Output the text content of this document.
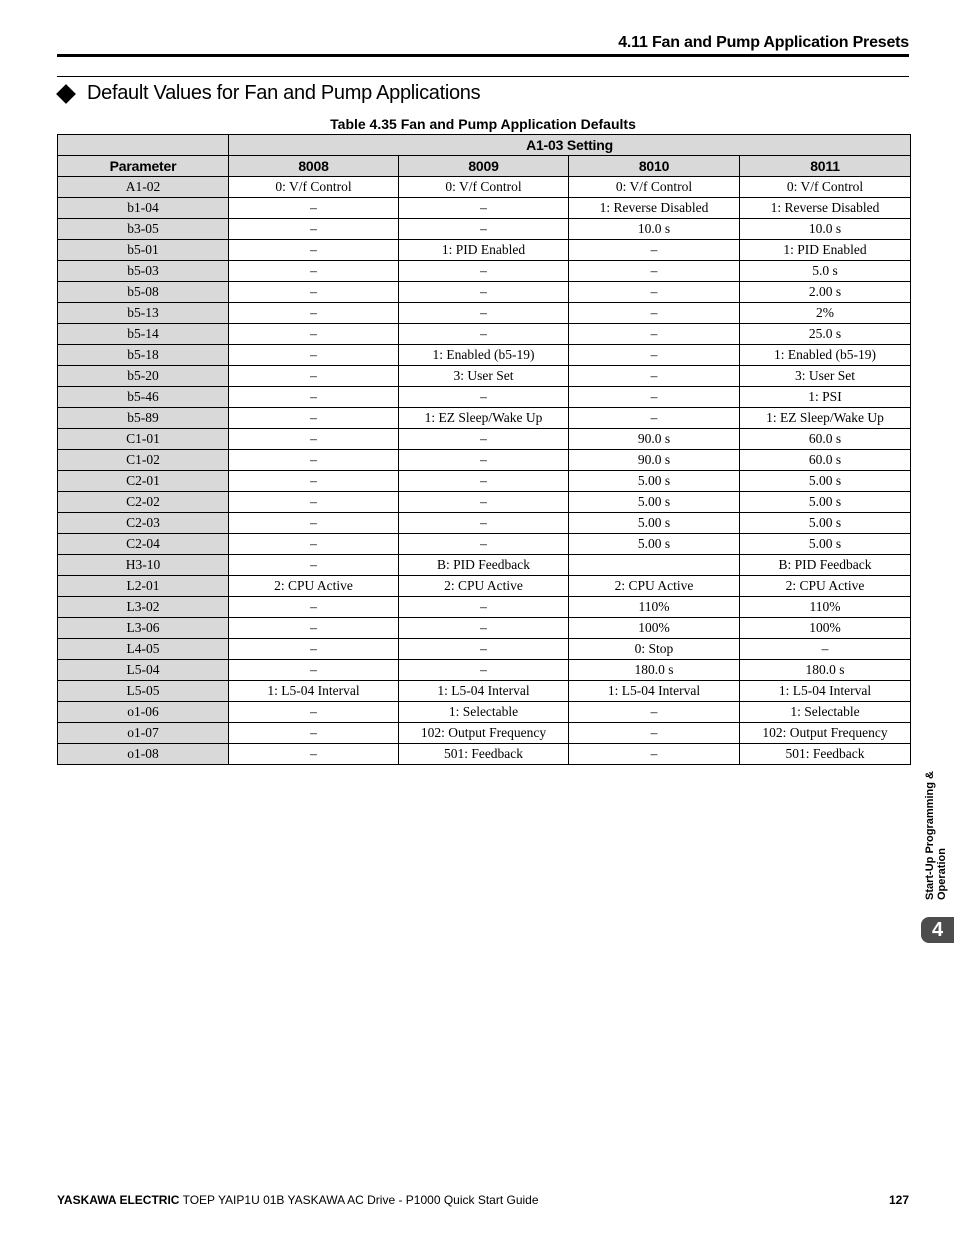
4.11 Fan and Pump Application Presets
Default Values for Fan and Pump Applications
Table 4.35 Fan and Pump Application Defaults
	A1-03 Setting			
Parameter	8008	8009	8010	8011
A1-02	0: V/f Control	0: V/f Control	0: V/f Control	0: V/f Control
b1-04	–	–	1: Reverse Disabled	1: Reverse Disabled
b3-05	–	–	10.0 s	10.0 s
b5-01	–	1: PID Enabled	–	1: PID Enabled
b5-03	–	–	–	5.0 s
b5-08	–	–	–	2.00 s
b5-13	–	–	–	2%
b5-14	–	–	–	25.0 s
b5-18	–	1: Enabled (b5-19)	–	1: Enabled (b5-19)
b5-20	–	3: User Set	–	3: User Set
b5-46	–	–	–	1: PSI
b5-89	–	1: EZ Sleep/Wake Up	–	1: EZ Sleep/Wake Up
C1-01	–	–	90.0 s	60.0 s
C1-02	–	–	90.0 s	60.0 s
C2-01	–	–	5.00 s	5.00 s
C2-02	–	–	5.00 s	5.00 s
C2-03	–	–	5.00 s	5.00 s
C2-04	–	–	5.00 s	5.00 s
H3-10	–	B: PID Feedback		B: PID Feedback
L2-01	2: CPU Active	2: CPU Active	2: CPU Active	2: CPU Active
L3-02	–	–	110%	110%
L3-06	–	–	100%	100%
L4-05	–	–	0: Stop	–
L5-04	–	–	180.0 s	180.0 s
L5-05	1: L5-04 Interval	1: L5-04 Interval	1: L5-04 Interval	1: L5-04 Interval
o1-06	–	1: Selectable	–	1: Selectable
o1-07	–	102: Output Frequency	–	102: Output Frequency
o1-08	–	501: Feedback	–	501: Feedback
Start-Up Programming & Operation
4
YASKAWA ELECTRIC TOEP YAIP1U 01B YASKAWA AC Drive - P1000 Quick Start Guide	127
